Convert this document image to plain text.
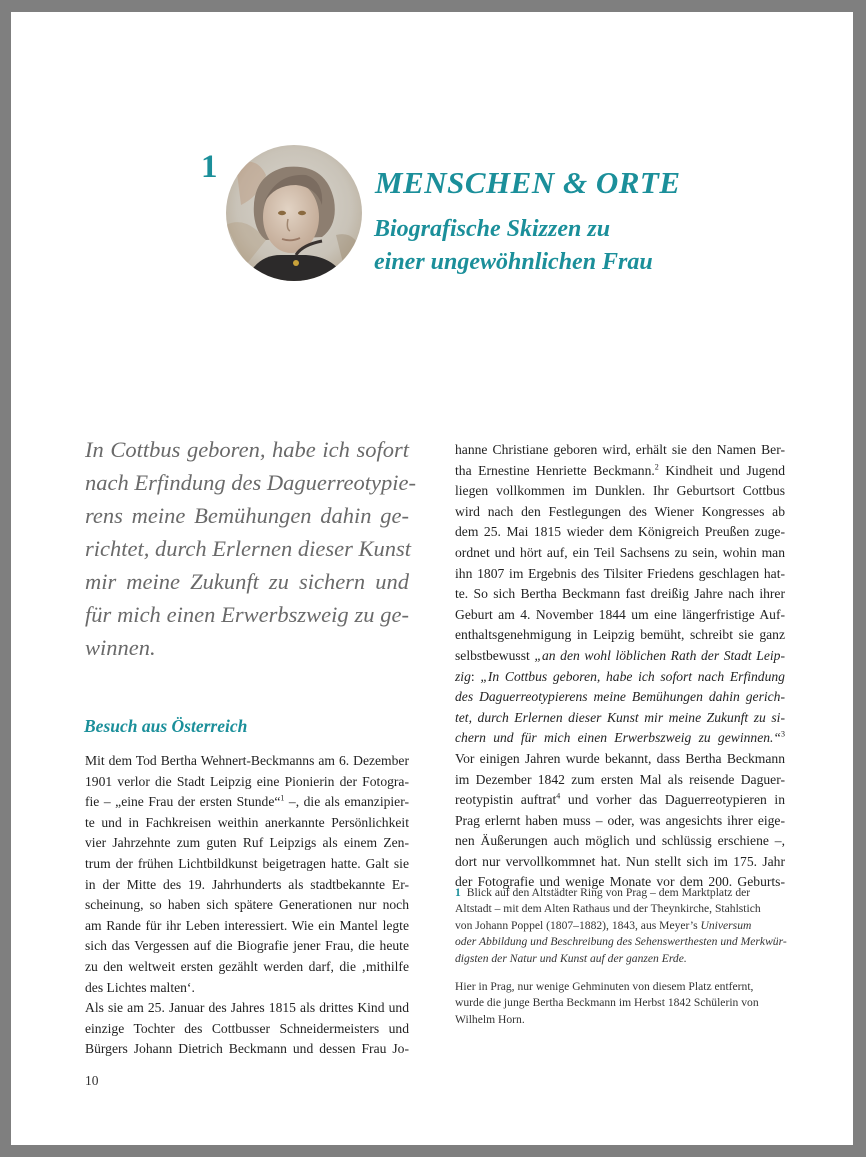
1	MENSCHEN & ORTE
Biografische Skizzen zu
einer ungewöhnlichen Frau
In Cottbus geboren, habe ich sofort
nach Erfindung des Daguerreotypie-
rens meine Bemühungen dahin ge-
richtet, durch Erlernen dieser Kunst
mir meine Zukunft zu sichern und
für mich einen Erwerbszweig zu ge-
winnen.
Besuch aus Österreich
Mit dem Tod Bertha Wehnert-Beckmanns am 6. Dezember
1901 verlor die Stadt Leipzig eine Pionierin der Fotogra-
fie – „eine Frau der ersten Stunde“$^1$ –, die als emanzipier-
te und in Fachkreisen weithin anerkannte Persönlichkeit
vier Jahrzehnte zum guten Ruf Leipzigs als einem Zen-
trum der frühen Lichtbildkunst beigetragen hatte. Galt sie
in der Mitte des 19. Jahrhunderts als stadtbekannte Er-
scheinung, so haben sich spätere Generationen nur noch
am Rande für ihr Leben interessiert. Wie ein Mantel legte
sich das Vergessen auf die Biografie jener Frau, die heute
zu den weltweit ersten gezählt werden darf, die ‚mithilfe
des Lichtes malten‘.
Als sie am 25. Januar des Jahres 1815 als drittes Kind und
einzige Tochter des Cottbusser Schneidermeisters und
Bürgers Johann Dietrich Beckmann und dessen Frau Jo-
hanne Christiane geboren wird, erhält sie den Namen Ber-
tha Ernestine Henriette Beckmann.$^2$ Kindheit und Jugend
liegen vollkommen im Dunklen. Ihr Geburtsort Cottbus
wird nach den Festlegungen des Wiener Kongresses ab
dem 25. Mai 1815 wieder dem Königreich Preußen zuge-
ordnet und hört auf, ein Teil Sachsens zu sein, wohin man
ihn 1807 im Ergebnis des Tilsiter Friedens geschlagen hat-
te. So sich Bertha Beckmann fast dreißig Jahre nach ihrer
Geburt am 4. November 1844 um eine längerfristige Auf-
enthaltsgenehmigung in Leipzig bemüht, schreibt sie ganz
selbstbewusst „an den wohl löblichen Rath der Stadt Leip-
zig: „In Cottbus geboren, habe ich sofort nach Erfindung
des Daguerreotypierens meine Bemühungen dahin gerich-
tet, durch Erlernen dieser Kunst mir meine Zukunft zu si-
chern und für mich einen Erwerbszweig zu gewinnen.“$^3$
Vor einigen Jahren wurde bekannt, dass Bertha Beckmann
im Dezember 1842 zum ersten Mal als reisende Daguer-
reotypistin auftrat$^4$ und vorher das Daguerreotypieren in
Prag erlernt haben muss – oder, was angesichts ihrer eige-
nen Äußerungen auch möglich und schlüssig erschiene –,
dort nur vervollkommnet hat. Nun stellt sich im 175. Jahr
der Fotografie und wenige Monate vor dem 200. Geburts-
1 Blick auf den Altstädter Ring von Prag – dem Marktplatz der
Altstadt – mit dem Alten Rathaus und der Theynkirche, Stahlstich
von Johann Poppel (1807–1882), 1843, aus Meyer’s Universum
oder Abbildung und Beschreibung des Sehenswerthesten und Merkwür-
digsten der Natur und Kunst auf der ganzen Erde.
Hier in Prag, nur wenige Gehminuten von diesem Platz entfernt,
wurde die junge Bertha Beckmann im Herbst 1842 Schülerin von
Wilhelm Horn.
10
